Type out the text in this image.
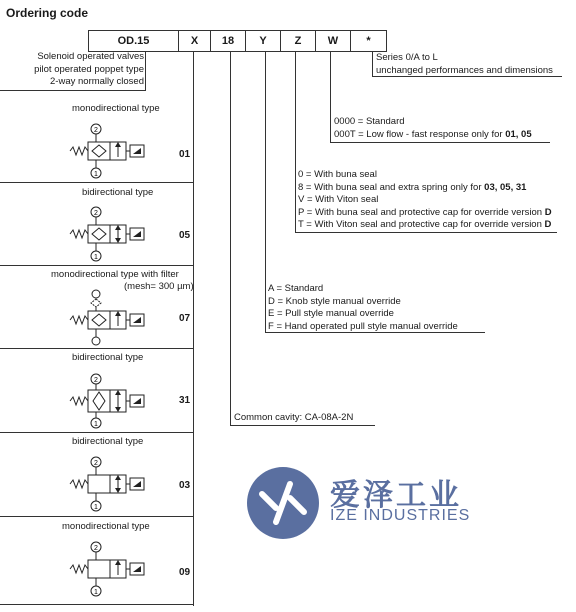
Ordering code
OD.15	X	18	Y	Z	W	*
Solenoid operated valves
pilot operated poppet type
2-way normally closed
monodirectional type
01
bidirectional type
05
monodirectional type with filter
(mesh= 300 µm)
07
bidirectional type
31
bidirectional type
03
monodirectional type
09
2
1
2
1
2
1
2
1
2
1
Common cavity: CA-08A-2N
A = Standard
D = Knob style manual override
E = Pull style manual override
F = Hand operated pull style manual override
0 = With buna seal
8 = With buna seal and extra spring only for 03, 05, 31
V = With Viton seal
P = With buna seal and protective cap for override version D
T = With Viton seal and protective cap for override version D
0000 = Standard
000T = Low flow - fast response only for 01, 05
Series 0/A to L
unchanged performances and dimensions
爱泽工业
IZE INDUSTRIES
